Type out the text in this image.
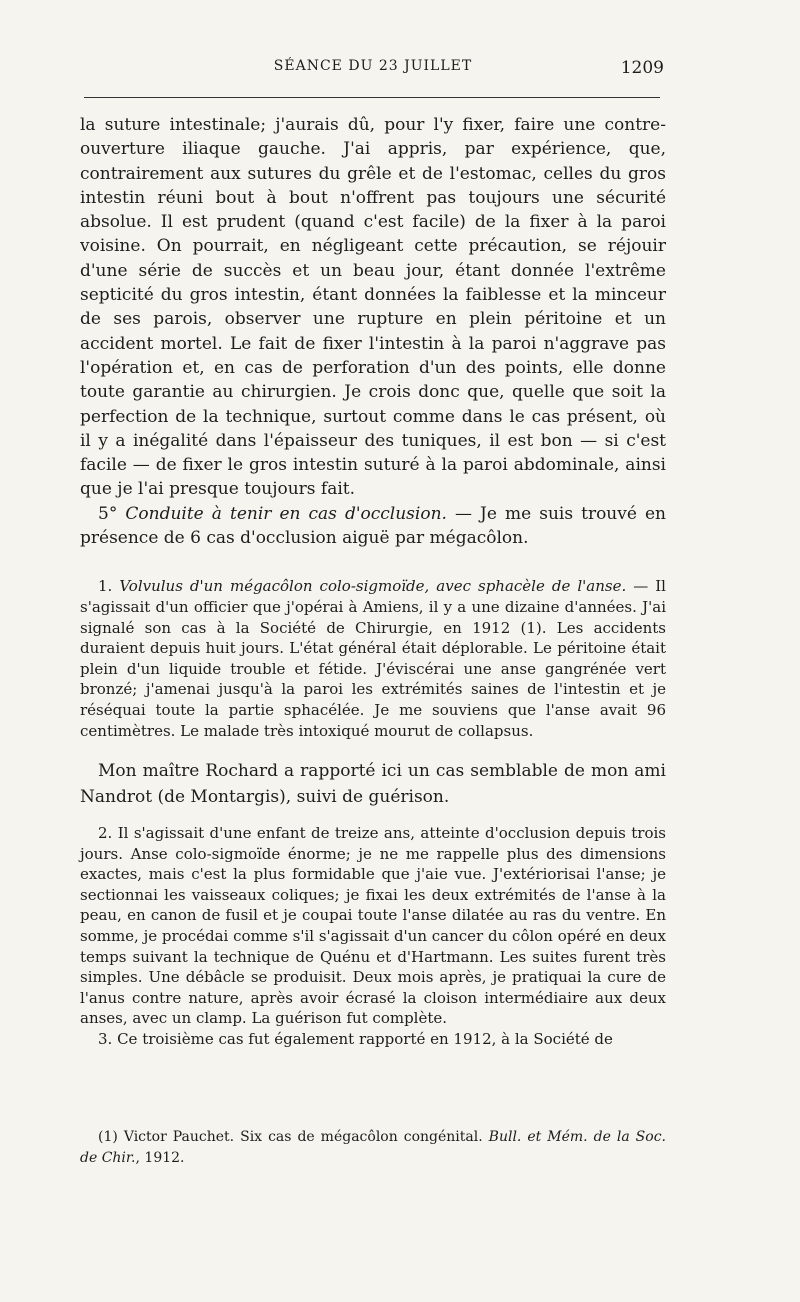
SÉANCE DU 23 JUILLET	1209

la suture intestinale; j'aurais dû, pour l'y fixer, faire une contre-ouverture iliaque gauche. J'ai appris, par expérience, que, contrairement aux sutures du grêle et de l'estomac, celles du gros intestin réuni bout à bout n'offrent pas toujours une sécurité absolue. Il est prudent (quand c'est facile) de la fixer à la paroi voisine. On pourrait, en négligeant cette précaution, se réjouir d'une série de succès et un beau jour, étant donnée l'extrême septicité du gros intestin, étant données la faiblesse et la minceur de ses parois, observer une rupture en plein péritoine et un accident mortel. Le fait de fixer l'intestin à la paroi n'aggrave pas l'opération et, en cas de perforation d'un des points, elle donne toute garantie au chirurgien. Je crois donc que, quelle que soit la perfection de la technique, surtout comme dans le cas présent, où il y a inégalité dans l'épaisseur des tuniques, il est bon — si c'est facile — de fixer le gros intestin suturé à la paroi abdominale, ainsi que je l'ai presque toujours fait.

5° Conduite à tenir en cas d'occlusion. — Je me suis trouvé en présence de 6 cas d'occlusion aiguë par mégacôlon.

1. Volvulus d'un mégacôlon colo-sigmoïde, avec sphacèle de l'anse. — Il s'agissait d'un officier que j'opérai à Amiens, il y a une dizaine d'années. J'ai signalé son cas à la Société de Chirurgie, en 1912 (1). Les accidents duraient depuis huit jours. L'état général était déplorable. Le péritoine était plein d'un liquide trouble et fétide. J'éviscérai une anse gangrénée vert bronzé; j'amenai jusqu'à la paroi les extrémités saines de l'intestin et je réséquai toute la partie sphacélée. Je me souviens que l'anse avait 96 centimètres. Le malade très intoxiqué mourut de collapsus.

Mon maître Rochard a rapporté ici un cas semblable de mon ami Nandrot (de Montargis), suivi de guérison.

2. Il s'agissait d'une enfant de treize ans, atteinte d'occlusion depuis trois jours. Anse colo-sigmoïde énorme; je ne me rappelle plus des dimensions exactes, mais c'est la plus formidable que j'aie vue. J'extériorisai l'anse; je sectionnai les vaisseaux coliques; je fixai les deux extrémités de l'anse à la peau, en canon de fusil et je coupai toute l'anse dilatée au ras du ventre. En somme, je procédai comme s'il s'agissait d'un cancer du côlon opéré en deux temps suivant la technique de Quénu et d'Hartmann. Les suites furent très simples. Une débâcle se produisit. Deux mois après, je pratiquai la cure de l'anus contre nature, après avoir écrasé la cloison intermédiaire aux deux anses, avec un clamp. La guérison fut complète.

3. Ce troisième cas fut également rapporté en 1912, à la Société de

(1) Victor Pauchet. Six cas de mégacôlon congénital. Bull. et Mém. de la Soc. de Chir., 1912.
